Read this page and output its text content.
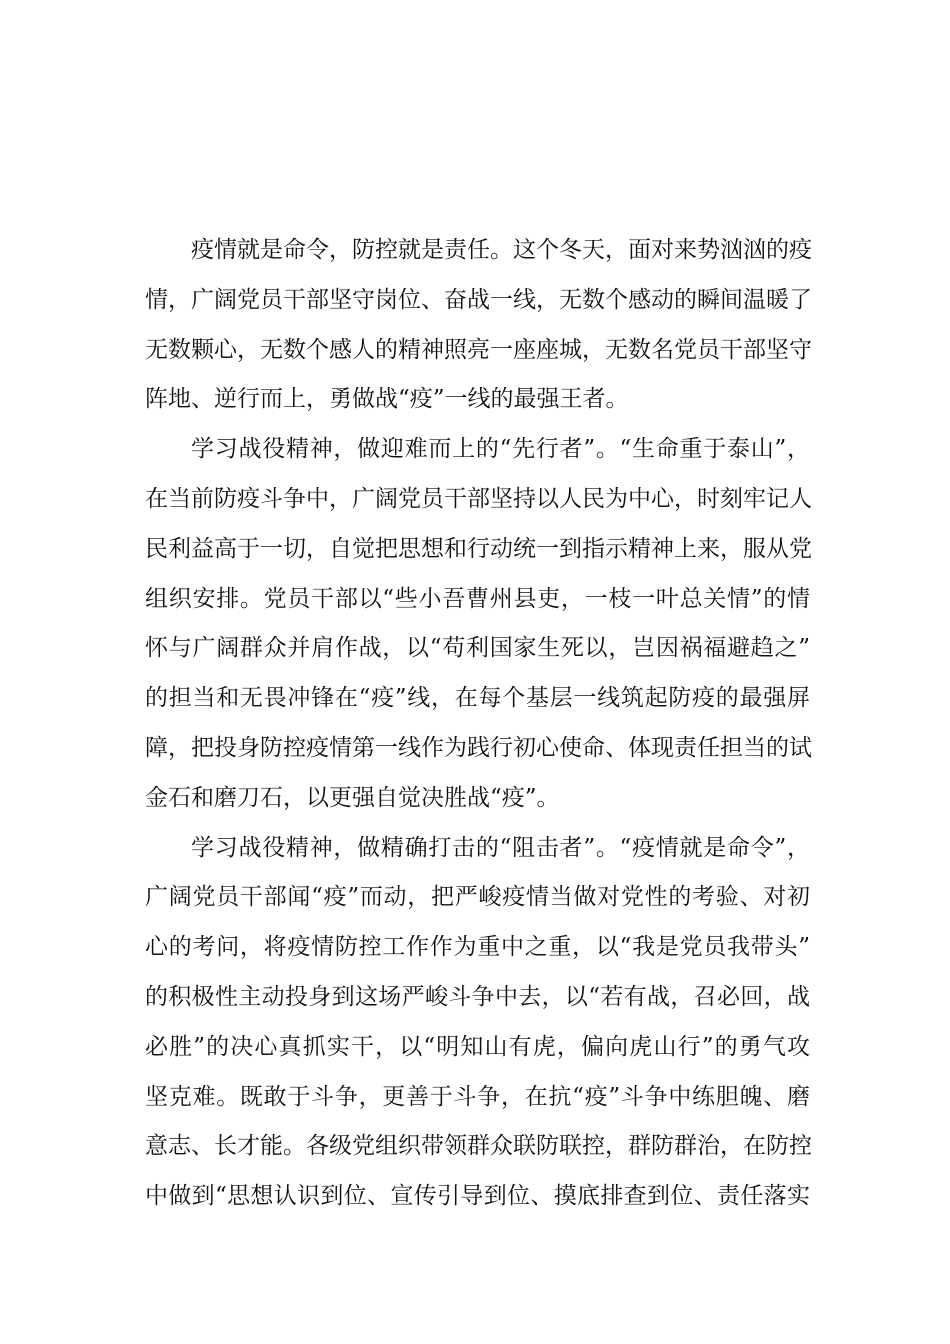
疫情就是命令，防控就是责任。这个冬天，面对来势汹汹的疫
情，广阔党员干部坚守岗位、奋战一线，无数个感动的瞬间温暖了
无数颗心，无数个感人的精神照亮一座座城，无数名党员干部坚守
阵地、逆行而上，勇做战“疫”一线的最强王者。
学习战役精神，做迎难而上的“先行者”。“生命重于泰山”，
在当前防疫斗争中，广阔党员干部坚持以人民为中心，时刻牢记人
民利益高于一切，自觉把思想和行动统一到指示精神上来，服从党
组织安排。党员干部以“些小吾曹州县吏，一枝一叶总关情”的情
怀与广阔群众并肩作战，以“苟利国家生死以，岂因祸福避趋之”
的担当和无畏冲锋在“疫”线，在每个基层一线筑起防疫的最强屏
障，把投身防控疫情第一线作为践行初心使命、体现责任担当的试
金石和磨刀石，以更强自觉决胜战“疫”。
学习战役精神，做精确打击的“阻击者”。“疫情就是命令”，
广阔党员干部闻“疫”而动，把严峻疫情当做对党性的考验、对初
心的考问，将疫情防控工作作为重中之重，以“我是党员我带头”
的积极性主动投身到这场严峻斗争中去，以“若有战，召必回，战
必胜”的决心真抓实干，以“明知山有虎，偏向虎山行”的勇气攻
坚克难。既敢于斗争，更善于斗争，在抗“疫”斗争中练胆魄、磨
意志、长才能。各级党组织带领群众联防联控，群防群治，在防控
中做到“思想认识到位、宣传引导到位、摸底排查到位、责任落实
